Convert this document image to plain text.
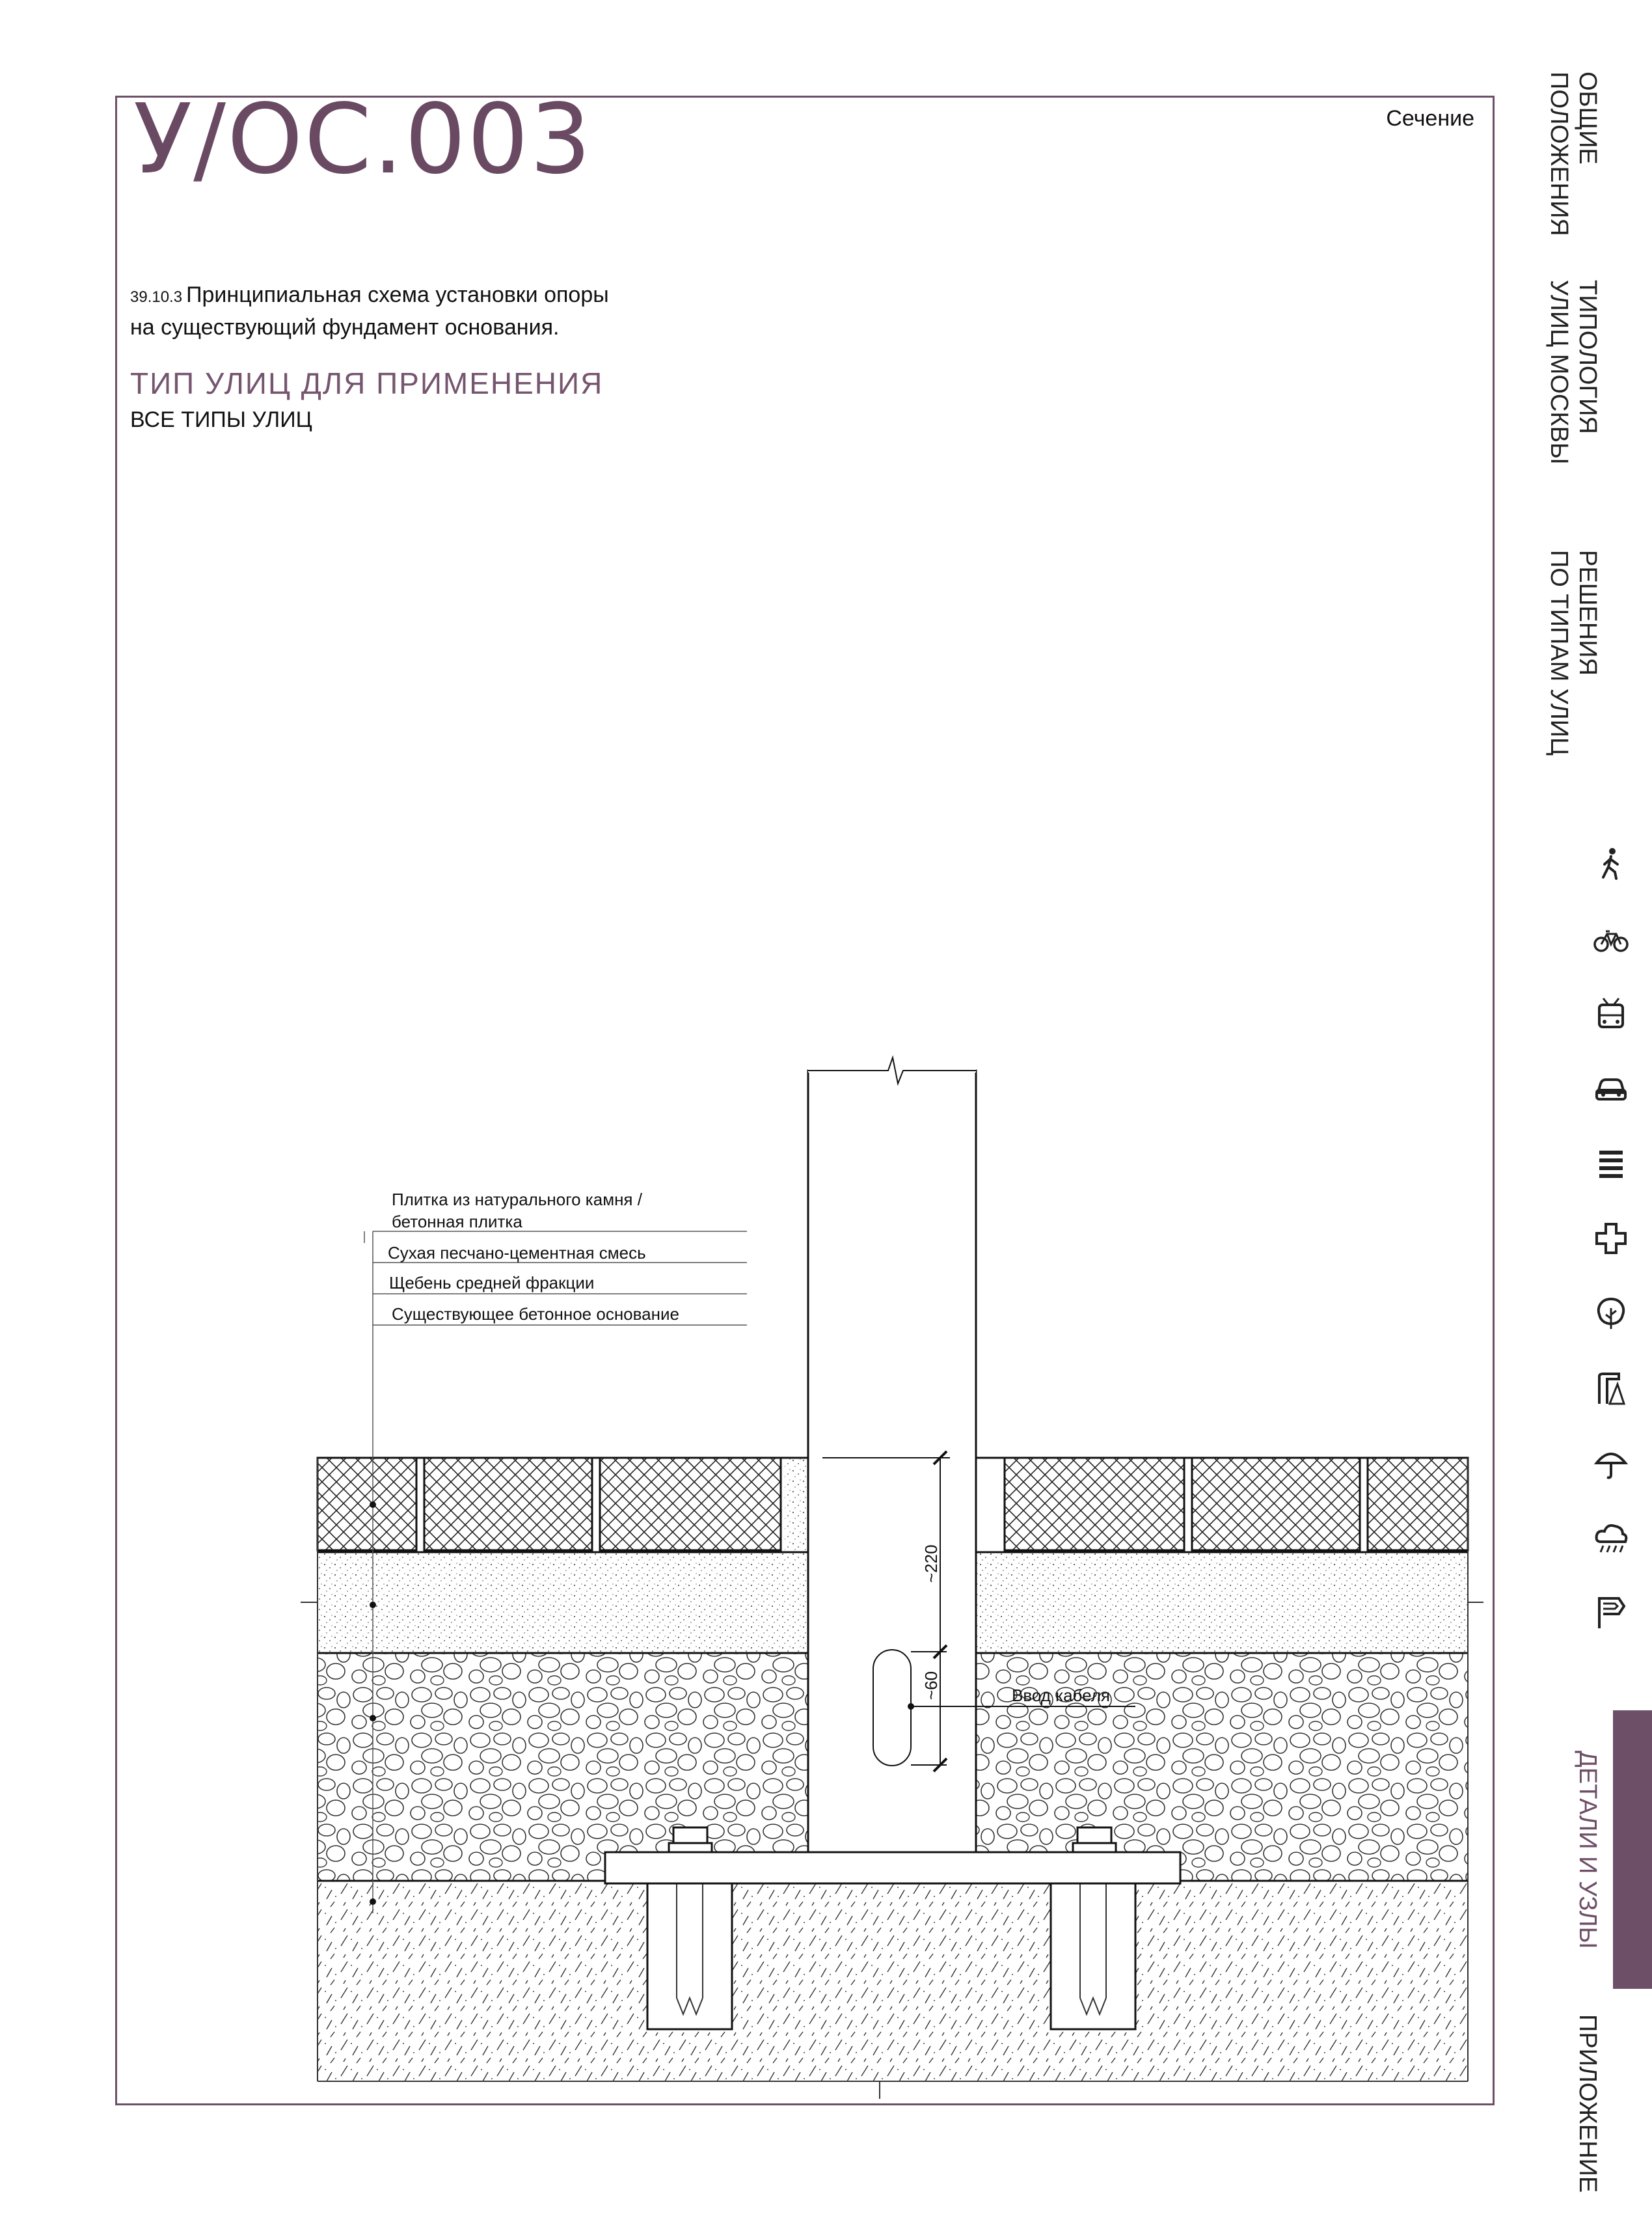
У/ОС.003	Сечение
39.10.3 Принципиальная схема установки опоры
на существующий фундамент основания.
ТИП УЛИЦ ДЛЯ ПРИМЕНЕНИЯ
ВСЕ ТИПЫ УЛИЦ
~220
~60	Ввод кабеля
Плитка из натурального камня /
бетонная плитка
Сухая песчано-цементная смесь
Щебень средней фракции
Существующее бетонное основание
ОБЩИЕ
ПОЛОЖЕНИЯ
ТИПОЛОГИЯ
УЛИЦ МОСКВЫ
РЕШЕНИЯ
ПО ТИПАМ УЛИЦ
ДЕТАЛИ И УЗЛЫ
ПРИЛОЖЕНИЕ
